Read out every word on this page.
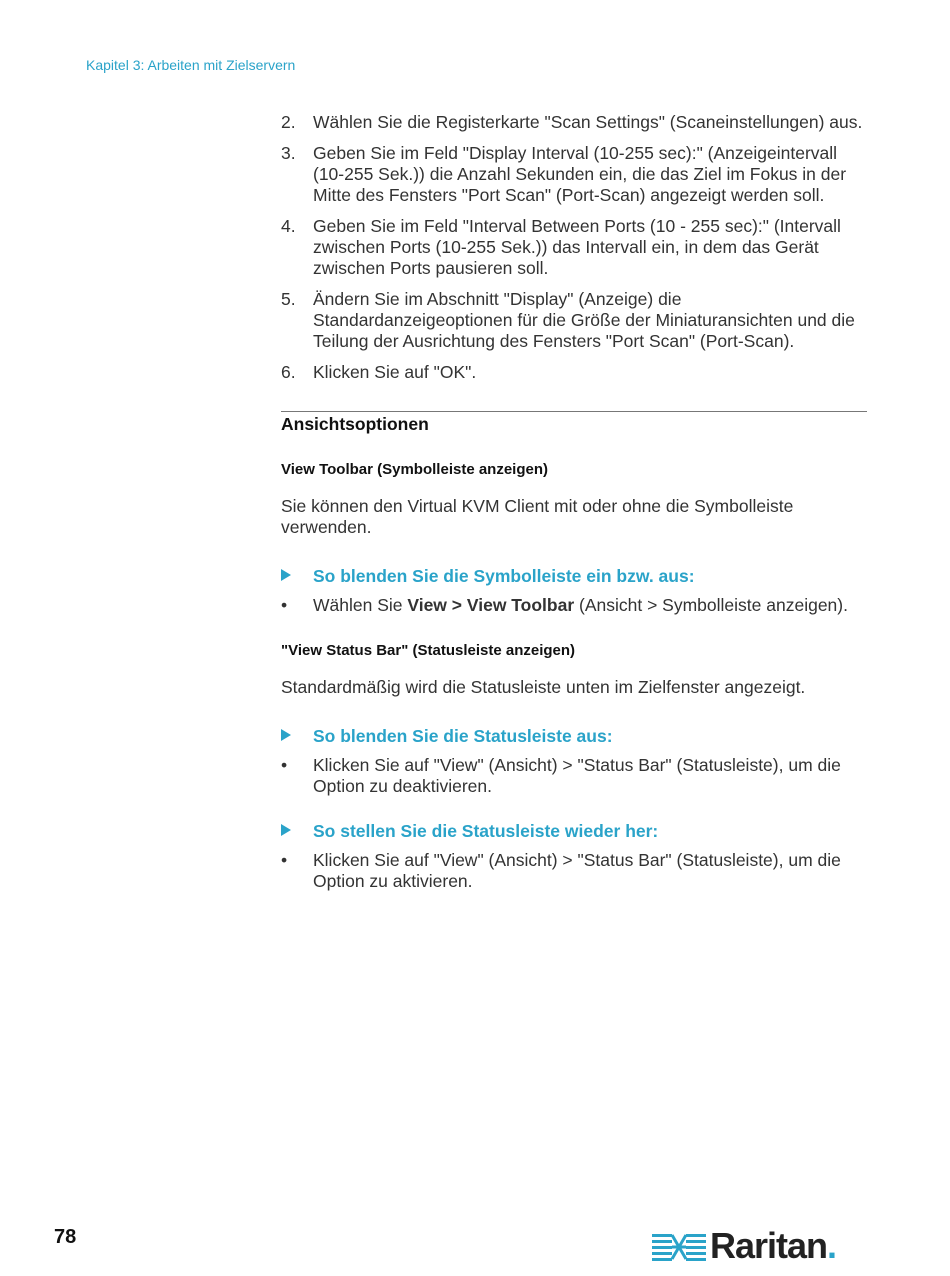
Kapitel 3: Arbeiten mit Zielservern
2. Wählen Sie die Registerkarte "Scan Settings" (Scaneinstellungen) aus.
3. Geben Sie im Feld "Display Interval (10-255 sec):" (Anzeigeintervall (10-255 Sek.)) die Anzahl Sekunden ein, die das Ziel im Fokus in der Mitte des Fensters "Port Scan" (Port-Scan) angezeigt werden soll.
4. Geben Sie im Feld "Interval Between Ports (10 - 255 sec):" (Intervall zwischen Ports (10-255 Sek.)) das Intervall ein, in dem das Gerät zwischen Ports pausieren soll.
5. Ändern Sie im Abschnitt "Display" (Anzeige) die Standardanzeigeoptionen für die Größe der Miniaturansichten und die Teilung der Ausrichtung des Fensters "Port Scan" (Port-Scan).
6. Klicken Sie auf "OK".
Ansichtsoptionen
View Toolbar (Symbolleiste anzeigen)

Sie können den Virtual KVM Client mit oder ohne die Symbolleiste verwenden.

So blenden Sie die Symbolleiste ein bzw. aus:
• Wählen Sie View > View Toolbar (Ansicht > Symbolleiste anzeigen).
"View Status Bar" (Statusleiste anzeigen)

Standardmäßig wird die Statusleiste unten im Zielfenster angezeigt.

So blenden Sie die Statusleiste aus:
• Klicken Sie auf "View" (Ansicht) > "Status Bar" (Statusleiste), um die Option zu deaktivieren.
So stellen Sie die Statusleiste wieder her:
• Klicken Sie auf "View" (Ansicht) > "Status Bar" (Statusleiste), um die Option zu aktivieren.
78	Raritan.
